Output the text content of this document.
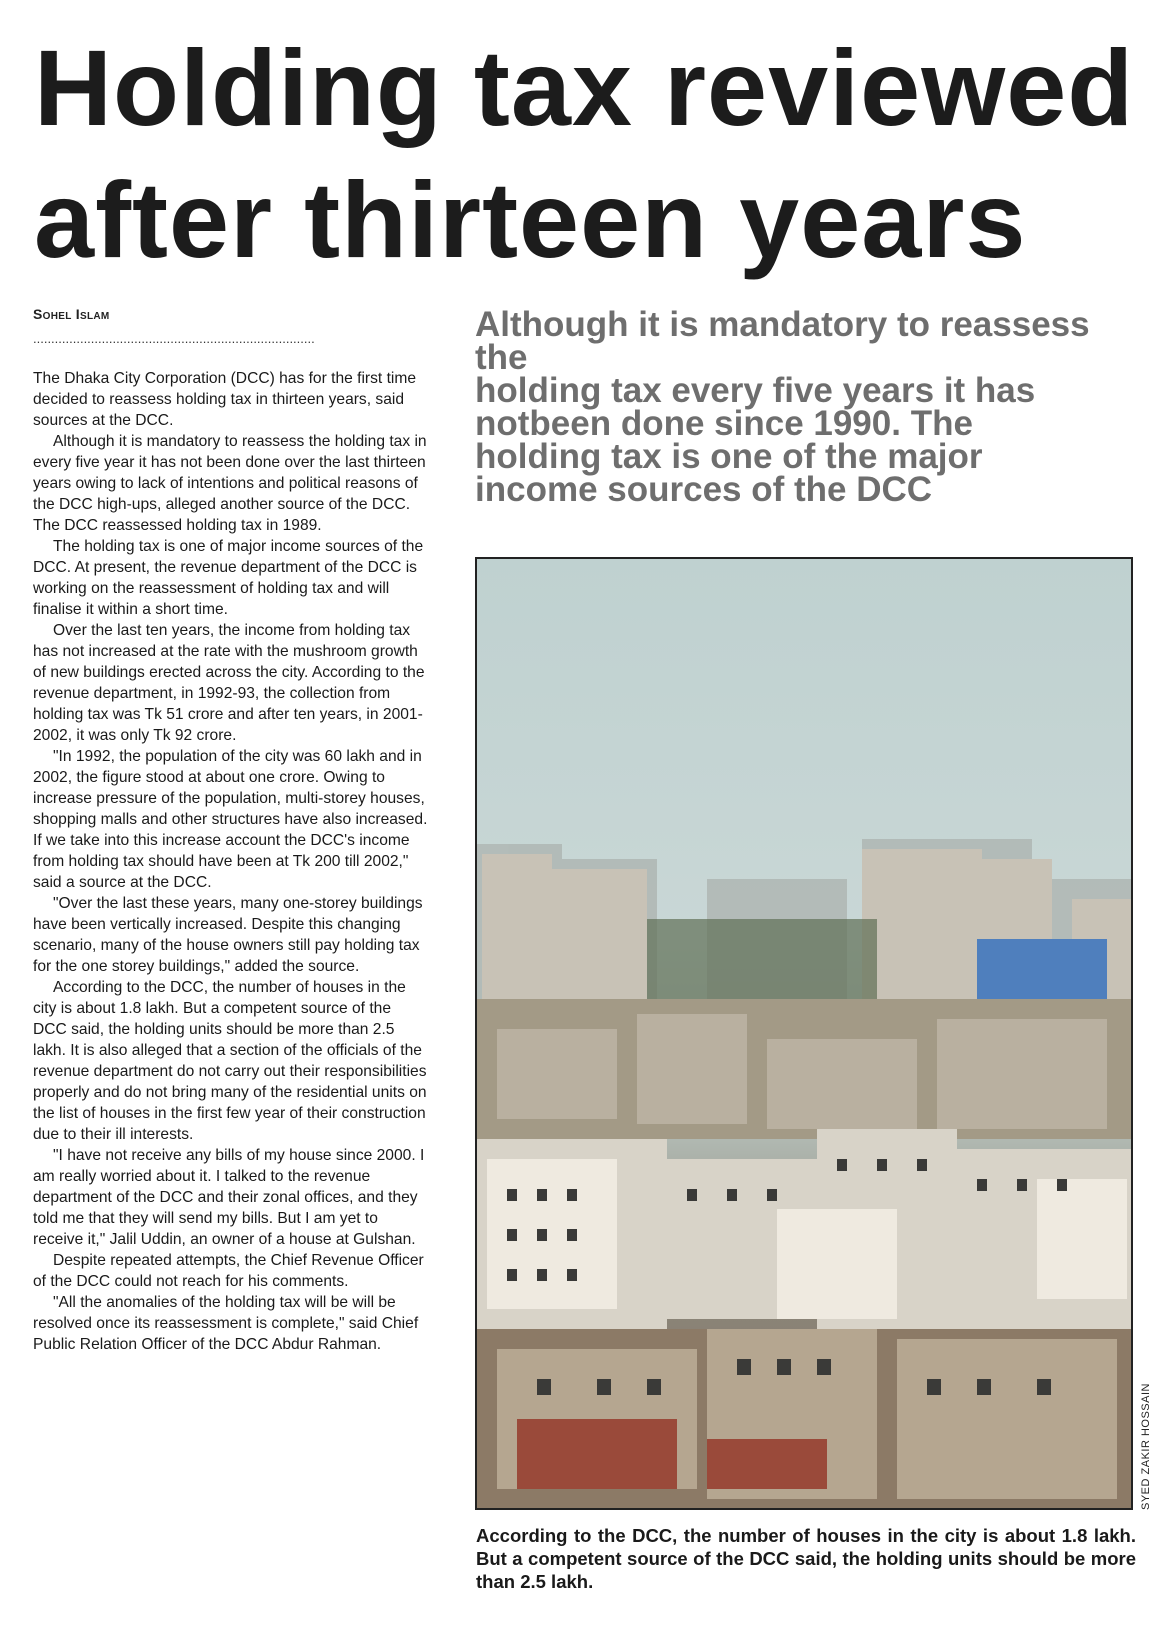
Holding tax reviewed
after thirteen years
Sohel Islam
..............................................................................

The Dhaka City Corporation (DCC) has for the first time decided to reassess holding tax in thirteen years, said sources at the DCC.

Although it is mandatory to reassess the holding tax in every five year it has not been done over the last thirteen years owing to lack of intentions and political reasons of the DCC high-ups, alleged another source of the DCC. The DCC reassessed holding tax in 1989.

The holding tax is one of major income sources of the DCC. At present, the revenue department of the DCC is working on the reassessment of holding tax and will finalise it within a short time.

Over the last ten years, the income from holding tax has not increased at the rate with the mushroom growth of new buildings erected across the city. According to the revenue department, in 1992-93, the collection from holding tax was Tk 51 crore and after ten years, in 2001-2002, it was only Tk 92 crore.

"In 1992, the population of the city was 60 lakh and in 2002, the figure stood at about one crore. Owing to increase pressure of the population, multi-storey houses, shopping malls and other structures have also increased. If we take into this increase account the DCC's income from holding tax should have been at Tk 200 till 2002," said a source at the DCC.

"Over the last these years, many one-storey buildings have been vertically increased. Despite this changing scenario, many of the house owners still pay holding tax for the one storey buildings," added the source.

According to the DCC, the number of houses in the city is about 1.8 lakh. But a competent source of the DCC said, the holding units should be more than 2.5 lakh. It is also alleged that a section of the officials of the revenue department do not carry out their responsibilities properly and do not bring many of the residential units on the list of houses in the first few year of their construction due to their ill interests.

"I have not receive any bills of my house since 2000. I am really worried about it. I talked to the revenue department of the DCC and their zonal offices, and they told me that they will send my bills. But I am yet to receive it," Jalil Uddin, an owner of a house at Gulshan.

Despite repeated attempts, the Chief Revenue Officer of the DCC could not reach for his comments.

"All the anomalies of the holding tax will be will be resolved once its reassessment is complete," said Chief Public Relation Officer of the DCC Abdur Rahman.

Although it is mandatory to reassess
the
holding tax every five years it has
notbeen done since 1990. The
holding tax is one of the major
income sources of the DCC
SYED ZAKIR HOSSAIN
According to the DCC, the number of houses in the city is about 1.8 lakh. But a competent source of the DCC said, the holding units should be more than 2.5 lakh.
